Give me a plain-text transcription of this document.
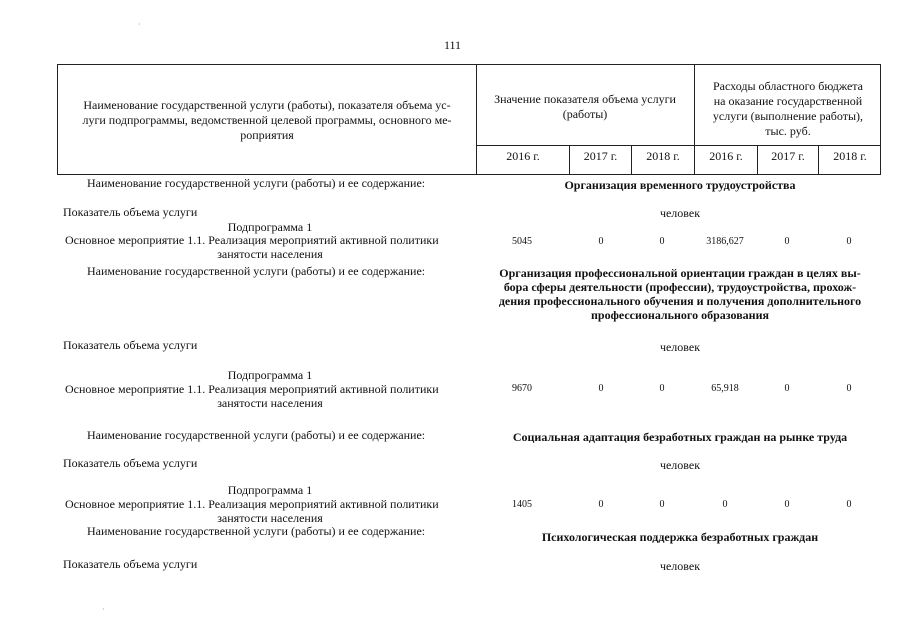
111
Наименование государственной услуги (работы), показателя объема ус-
луги подпрограммы, ведомственной целевой программы, основного ме-
роприятия
Значение показателя объема услуги
(работы)
Расходы областного бюджета
на оказание государственной
услуги (выполнение работы),
тыс. руб.
2016 г.	2017 г.	2018 г.	2016 г.	2017 г.	2018 г.
Наименование государственной услуги (работы) и ее содержание:	Организация временного трудоустройства
Показатель объема услуги	человек
Подпрограмма 1
Основное мероприятие 1.1. Реализация мероприятий активной политики
занятости населения
5045	0	0	3186,627	0	0
Наименование государственной услуги (работы) и ее содержание:	Организация профессиональной ориентации граждан в целях вы-
бора сферы деятельности (профессии), трудоустройства, прохож-
дения профессионального обучения и получения дополнительного
профессионального образования
Показатель объема услуги	человек
Подпрограмма 1
Основное мероприятие 1.1. Реализация мероприятий активной политики
занятости населения
9670	0	0	65,918	0	0
Наименование государственной услуги (работы) и ее содержание:	Социальная адаптация безработных граждан на рынке труда
Показатель объема услуги	человек
Подпрограмма 1
Основное мероприятие 1.1. Реализация мероприятий активной политики
занятости населения
1405	0	0	0	0	0
Наименование государственной услуги (работы) и ее содержание:	Психологическая поддержка безработных граждан
Показатель объема услуги	человек
·
·
